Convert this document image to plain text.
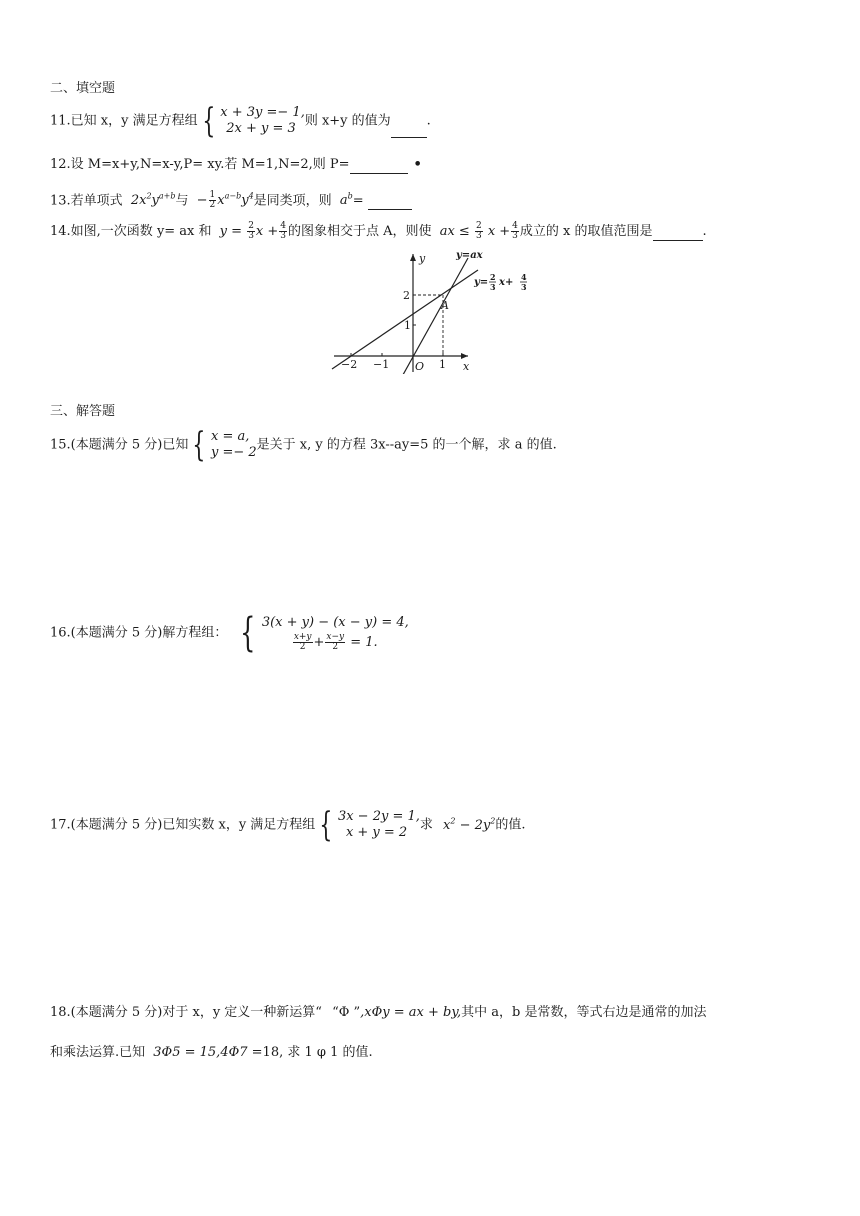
二、填空题
11.已知 x，y 满足方程组 { x + 3y =− 1,
2x + y = 3 则 x+y 的值为	.
12.设 M=x+y,N=x-y,P= xy.若 M=1,N=2,则 P=	•
13.若单项式 $2x^2y^{a+b}$与 − $\frac{1}{2} x^{a-b}y^4$是同类项，则 $a^b=$
14.如图,一次函数 y= ax 和 $y = \frac{2}{3}$ $x + \frac{4}{3}$ 的图象相交于点 A，则使 ax ≤ $\frac{2}{3}$ $x + \frac{4}{3}$ 成立的 x 的取值范围是	.
y
x
y=ax
y= 2
3 x+ 4
3
A
O
2
1
−2 −1	1
三、解答题
15.(本题满分 5 分)已知 { x = a,
y =− 2 是关于 x, y 的方程 3x--ay=5 的一个解，求 a 的值.
16.(本题满分 5 分)解方程组： { 3(x + y) − (x − y) = 4,
$\frac{x+y}{2} + \frac{x-y}{2} = 1$.
17.(本题满分 5 分)已知实数 x，y 满足方程组 { 3x − 2y = 1,
x + y = 2 求 $x^2 - 2y^2$的值.
18.(本题满分 5 分)对于 x，y 定义一种新运算“ “Φ ”,xΦy = ax + by,其中 a，b 是常数，等式右边是通常的加法
和乘法运算.已知 3Φ5 = 15,4Φ7 =18, 求 1 φ 1 的值.
